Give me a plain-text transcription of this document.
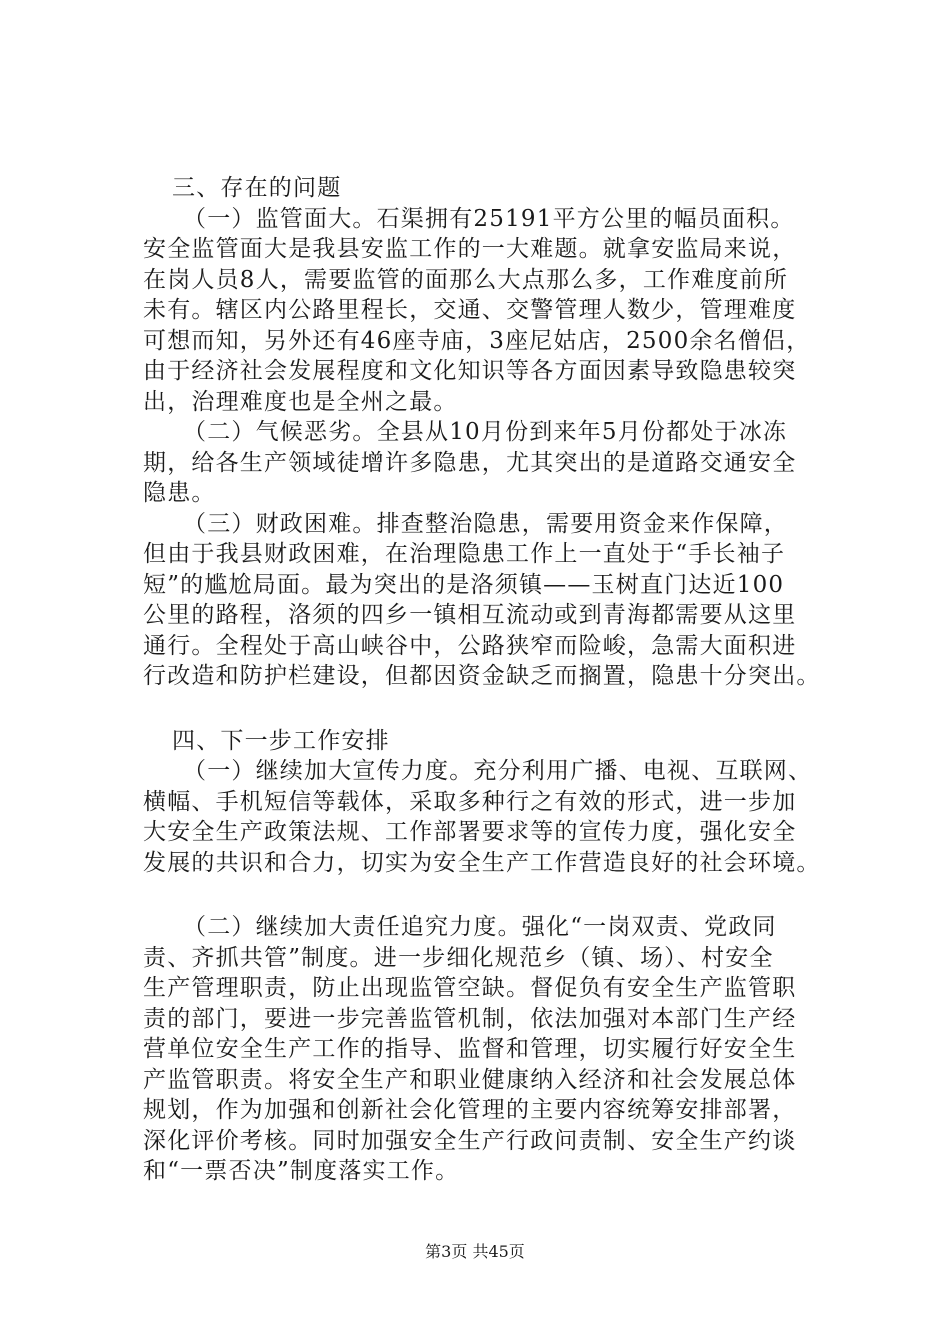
三、存在的问题
（一）监管面大。石渠拥有25191平方公里的幅员面积。
安全监管面大是我县安监工作的一大难题。就拿安监局来说，
在岗人员8人，需要监管的面那么大点那么多，工作难度前所
未有。辖区内公路里程长，交通、交警管理人数少，管理难度
可想而知，另外还有46座寺庙，3座尼姑店，2500余名僧侣，
由于经济社会发展程度和文化知识等各方面因素导致隐患较突
出，治理难度也是全州之最。
（二）气候恶劣。全县从10月份到来年5月份都处于冰冻
期，给各生产领域徒增许多隐患，尤其突出的是道路交通安全
隐患。
（三）财政困难。排查整治隐患，需要用资金来作保障，
但由于我县财政困难，在治理隐患工作上一直处于“手长袖子
短”的尴尬局面。最为突出的是洛须镇——玉树直门达近100
公里的路程，洛须的四乡一镇相互流动或到青海都需要从这里
通行。全程处于高山峡谷中，公路狭窄而险峻，急需大面积进
行改造和防护栏建设，但都因资金缺乏而搁置，隐患十分突出。
四、下一步工作安排
（一）继续加大宣传力度。充分利用广播、电视、互联网、
横幅、手机短信等载体，采取多种行之有效的形式，进一步加
大安全生产政策法规、工作部署要求等的宣传力度，强化安全
发展的共识和合力，切实为安全生产工作营造良好的社会环境。
（二）继续加大责任追究力度。强化“一岗双责、党政同
责、齐抓共管”制度。进一步细化规范乡（镇、场）、村安全
生产管理职责，防止出现监管空缺。督促负有安全生产监管职
责的部门，要进一步完善监管机制，依法加强对本部门生产经
营单位安全生产工作的指导、监督和管理，切实履行好安全生
产监管职责。将安全生产和职业健康纳入经济和社会发展总体
规划，作为加强和创新社会化管理的主要内容统筹安排部署，
深化评价考核。同时加强安全生产行政问责制、安全生产约谈
和“一票否决”制度落实工作。
第3页 共45页
